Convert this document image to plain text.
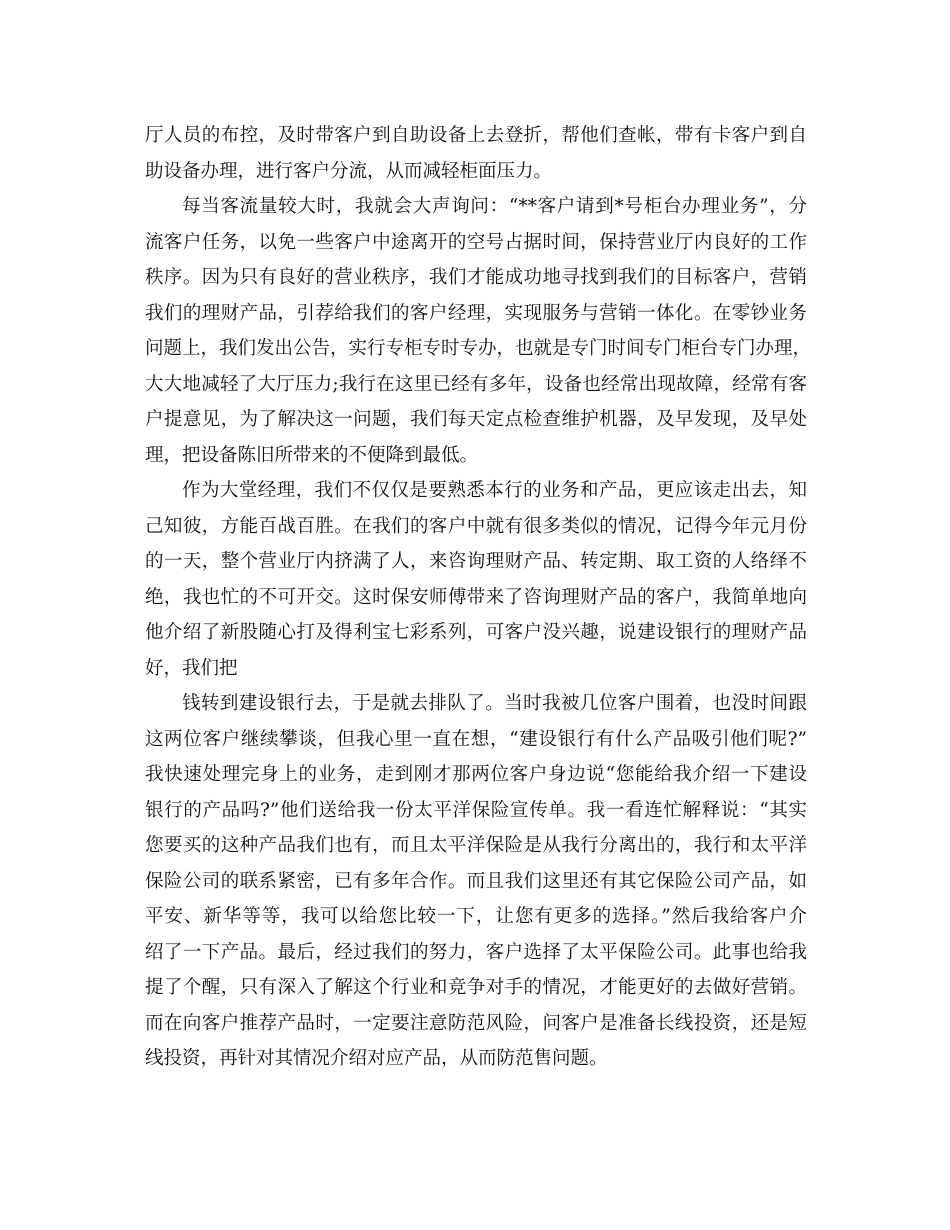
厅人员的布控，及时带客户到自助设备上去登折，帮他们查帐，带有卡客户到自
助设备办理，进行客户分流，从而减轻柜面压力。
每当客流量较大时，我就会大声询问：“**客户请到*号柜台办理业务”，分
流客户任务，以免一些客户中途离开的空号占据时间，保持营业厅内良好的工作
秩序。因为只有良好的营业秩序，我们才能成功地寻找到我们的目标客户，营销
我们的理财产品，引荐给我们的客户经理，实现服务与营销一体化。在零钞业务
问题上，我们发出公告，实行专柜专时专办，也就是专门时间专门柜台专门办理，
大大地减轻了大厅压力;我行在这里已经有多年，设备也经常出现故障，经常有客
户提意见，为了解决这一问题，我们每天定点检查维护机器，及早发现，及早处
理，把设备陈旧所带来的不便降到最低。
作为大堂经理，我们不仅仅是要熟悉本行的业务和产品，更应该走出去，知
己知彼，方能百战百胜。在我们的客户中就有很多类似的情况，记得今年元月份
的一天，整个营业厅内挤满了人，来咨询理财产品、转定期、取工资的人络绎不
绝，我也忙的不可开交。这时保安师傅带来了咨询理财产品的客户，我简单地向
他介绍了新股随心打及得利宝七彩系列，可客户没兴趣，说建设银行的理财产品
好，我们把
钱转到建设银行去，于是就去排队了。当时我被几位客户围着，也没时间跟
这两位客户继续攀谈，但我心里一直在想，“建设银行有什么产品吸引他们呢?”
我快速处理完身上的业务，走到刚才那两位客户身边说“您能给我介绍一下建设
银行的产品吗?”他们送给我一份太平洋保险宣传单。我一看连忙解释说：“其实
您要买的这种产品我们也有，而且太平洋保险是从我行分离出的，我行和太平洋
保险公司的联系紧密，已有多年合作。而且我们这里还有其它保险公司产品，如
平安、新华等等，我可以给您比较一下，让您有更多的选择。”然后我给客户介
绍了一下产品。最后，经过我们的努力，客户选择了太平保险公司。此事也给我
提了个醒，只有深入了解这个行业和竞争对手的情况，才能更好的去做好营销。
而在向客户推荐产品时，一定要注意防范风险，问客户是准备长线投资，还是短
线投资，再针对其情况介绍对应产品，从而防范售问题。
